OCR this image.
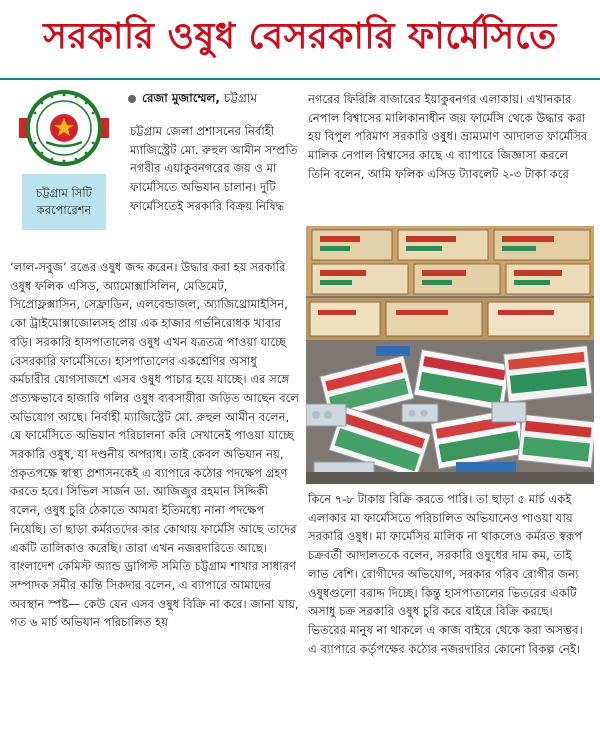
সরকারি ওষুধ বেসরকারি ফার্মেসিতে
চট্টগ্রাম সিটি
করপোরেশন
রেজা মুজাম্মেল, চট্টগ্রাম

চট্টগ্রাম জেলা প্রশাসনের নির্বাহী ম্যাজিস্ট্রেট মো. রুহুল আমীন সম্প্রতি নগরীর এয়াকুবনগরের জয় ও মা ফার্মেসিতে অভিযান চালান। দুটি ফার্মেসিতেই সরকারি বিক্রয় নিষিদ্ধ

‘লাল-সবুজ’ রঙের ওষুধ জব্দ করেন। উদ্ধার করা হয় সরকারি ওষুধ ফলিক এসিড, অ্যামোক্সাসিলিন, মেডিমেট, সিপ্রোফ্লক্সাসিন, সেফ্রাডিন, এলবেন্ডাজল, অ্যাজিথ্রোমাইসিন, কো ট্রাইমোক্সাজোলসহ প্রায় এক হাজার গর্ভনিরোধক খাবার বড়ি। সরকারি হাসপাতালের ওষুধ এখন যত্রতত্র পাওয়া যাচ্ছে বেসরকারি ফার্মেসিতে। হাসপাতালের একশ্রেণির অসাধু কর্মচারীর যোগসাজশে এসব ওষুধ পাচার হয়ে যাচ্ছে। এর সঙ্গে প্রত্যক্ষভাবে হাজারি গলির ওষুধ ব্যবসায়ীরা জড়িত আছেন বলে অভিযোগ আছে। নির্বাহী ম্যাজিস্ট্রেট মো. রুহুল আমীন বলেন, যে ফার্মেসিতে অভিযান পরিচালনা করি সেখানেই পাওয়া যাচ্ছে সরকারি ওষুধ, যা দণ্ডনীয় অপরাধ। তাই কেবল অভিযান নয়, প্রকৃতপক্ষে স্বাস্থ্য প্রশাসনকেই এ ব্যাপারে কঠোর পদক্ষেপ গ্রহণ করতে হবে। সিভিল সার্জন ডা. আজিজুর রহমান সিদ্দিকী বলেন, ওষুধ চুরি ঠেকাতে আমরা ইতিমধ্যে নানা পদক্ষেপ নিয়েছি। তা ছাড়া কর্মরতদের কার কোথায় ফার্মেসি আছে তাদের একটি তালিকাও করেছি। তারা এখন নজরদারিতে আছে। বাংলাদেশ কেমিস্ট অ্যান্ড ড্রাগিস্ট সমিতি চট্টগ্রাম শাখার সাধারণ সম্পাদক সমীর কান্তি সিকদার বলেন, এ ব্যাপারে আমাদের অবস্থান স্পষ্ট— কেউ যেন এসব ওষুধ বিক্রি না করে। জানা যায়, গত ৬ মার্চ অভিযান পরিচালিত হয়

নগরের ফিরিঙ্গি বাজারের ইয়াকুবনগর এলাকায়। এখানকার নেপাল বিশ্বাসের মালিকানাধীন জয় ফার্মেসি থেকে উদ্ধার করা হয় বিপুল পরিমাণ সরকারি ওষুধ। ভ্রাম্যমাণ আদালত ফার্মেসির মালিক নেপাল বিশ্বাসের কাছে এ ব্যাপারে জিজ্ঞাসা করলে তিনি বলেন, আমি ফলিক এসিড ট্যাবলেট ২-৩ টাকা করে

কিনে ৭-৮ টাকায় বিক্রি করতে পারি। তা ছাড়া ৫ মার্চ একই এলাকার মা ফার্মেসিতে পরিচালিত অভিযানেও পাওয়া যায় সরকারি ওষুধ। মা ফার্মেসির মালিক না থাকলেও কর্মরত স্বরূপ চক্রবর্তী আদালতকে বলেন, সরকারি ওষুধের দাম কম, তাই লাভ বেশি। রোগীদের অভিযোগ, সরকার গরিব রোগীর জন্য ওষুধগুলো বরাদ্দ দিচ্ছে। কিন্তু হাসপাতালের ভিতরের একটি অসাধু চক্র সরকারি ওষুধ চুরি করে বাইরে বিক্রি করছে। ভিতরের মানুষ না থাকলে এ কাজ বাইরে থেকে করা অসম্ভব। এ ব্যাপারে কর্তৃপক্ষের কঠোর নজরদারির কোনো বিকল্প নেই।
